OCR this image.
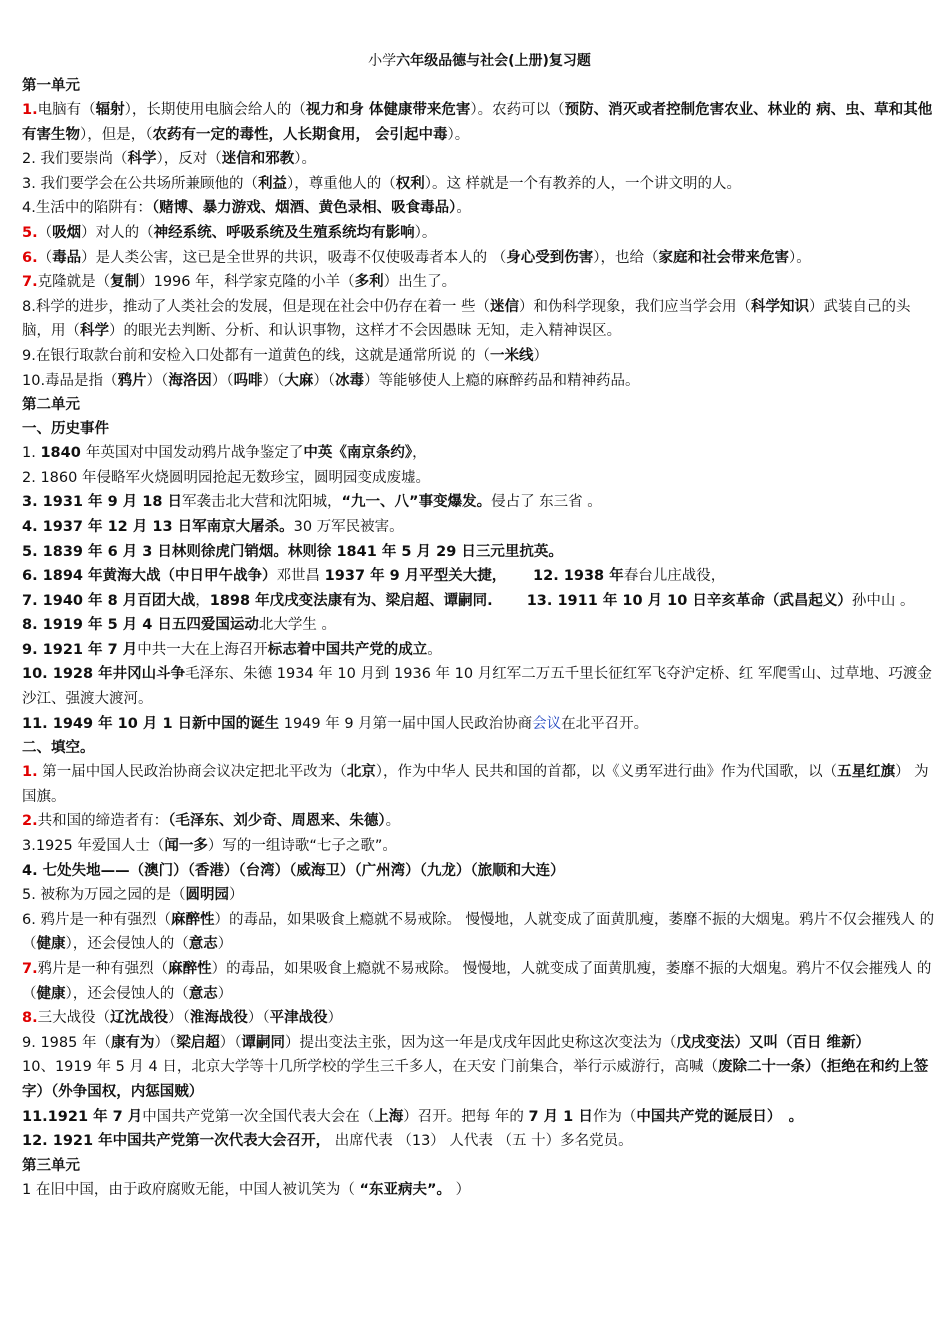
小学六年级品德与社会(上册)复习题
第一单元
1.电脑有（辐射），长期使用电脑会给人的（视力和身 体健康带来危害）。农药可以（预防、消灭或者控制危害农业、林业的 病、虫、草和其他有害生物），但是，（农药有一定的毒性，人长期食用， 会引起中毒）。
2. 我们要崇尚（科学），反对（迷信和邪教）。
3. 我们要学会在公共场所兼顾他的（利益），尊重他人的（权利）。这 样就是一个有教养的人，一个讲文明的人。
4.生活中的陷阱有：（赌博、暴力游戏、烟酒、黄色录相、吸食毒品）。
5.（吸烟）对人的（神经系统、呼吸系统及生殖系统均有影响）。
6.（毒品）是人类公害，这已是全世界的共识，吸毒不仅使吸毒者本人的 （身心受到伤害），也给（家庭和社会带来危害）。
7.克隆就是（复制）1996 年，科学家克隆的小羊（多利）出生了。
8.科学的进步，推动了人类社会的发展，但是现在社会中仍存在着一 些（迷信）和伪科学现象，我们应当学会用（科学知识）武装自己的头 脑，用（科学）的眼光去判断、分析、和认识事物，这样才不会因愚昧 无知，走入精神误区。
9.在银行取款台前和安检入口处都有一道黄色的线，这就是通常所说 的（一米线）
10.毒品是指（鸦片）（海洛因）（吗啡）（大麻）（冰毒）等能够使人上瘾的麻醉药品和精神药品。
第二单元
一、历史事件
1. 1840 年英国对中国发动鸦片战争鉴定了中英《南京条约》，
2. 1860 年侵略军火烧圆明园抢起无数珍宝，圆明园变成废墟。
3. 1931 年 9 月 18 日军袭击北大营和沈阳城，“九一、八”事变爆发。侵占了 东三省 。
4. 1937 年 12 月 13 日军南京大屠杀。30 万军民被害。
5. 1839 年 6 月 3 日林则徐虎门销烟。林则徐 1841 年 5 月 29 日三元里抗英。
6. 1894 年黄海大战（中日甲午战争）邓世昌 1937 年 9 月平型关大捷，　　 12. 1938 年春台儿庄战役，
7. 1940 年 8 月百团大战，1898 年戊戌变法康有为、梁启超、谭嗣同.　　 13. 1911 年 10 月 10 日辛亥革命（武昌起义）孙中山 。
8. 1919 年 5 月 4 日五四爱国运动北大学生 。
9. 1921 年 7 月中共一大在上海召开标志着中国共产党的成立。
10. 1928 年井冈山斗争毛泽东、朱德 1934 年 10 月到 1936 年 10 月红军二万五千里长征红军飞夺沪定桥、红 军爬雪山、过草地、巧渡金沙江、强渡大渡河。
11. 1949 年 10 月 1 日新中国的诞生 1949 年 9 月第一届中国人民政治协商会议在北平召开。
二、填空。
1. 第一届中国人民政治协商会议决定把北平改为（北京），作为中华人 民共和国的首都，以《义勇军进行曲》作为代国歌，以（五星红旗） 为国旗。
2.共和国的缔造者有：（毛泽东、刘少奇、周恩来、朱德）。
3.1925 年爱国人士（闻一多）写的一组诗歌“七子之歌”。
4. 七处失地——（澳门）（香港）（台湾）（威海卫）（广州湾）（九龙）（旅顺和大连）
5. 被称为万园之园的是（圆明园）
6. 鸦片是一种有强烈（麻醉性）的毒品，如果吸食上瘾就不易戒除。 慢慢地，人就变成了面黄肌瘦，萎靡不振的大烟鬼。鸦片不仅会摧残人 的（健康），还会侵蚀人的（意志）
7.鸦片是一种有强烈（麻醉性）的毒品，如果吸食上瘾就不易戒除。 慢慢地，人就变成了面黄肌瘦，萎靡不振的大烟鬼。鸦片不仅会摧残人 的（健康），还会侵蚀人的（意志）
8.三大战役（辽沈战役）（淮海战役）（平津战役）
9. 1985 年（康有为）（梁启超）（谭嗣同）提出变法主张，因为这一年是戊戌年因此史称这次变法为（戊戌变法）又叫（百日 维新）
10、1919 年 5 月 4 日，北京大学等十几所学校的学生三千多人，在天安 门前集合，举行示威游行，高喊（废除二十一条）（拒绝在和约上签字）（外争国权，内惩国贼）
11.1921 年 7 月中国共产党第一次全国代表大会在（上海）召开。把每 年的 7 月 1 日作为（中国共产党的诞辰日）　。
12. 1921 年中国共产党第一次代表大会召开， 出席代表 （13） 人代表 （五 十）多名党员。
第三单元
1 在旧中国，由于政府腐败无能，中国人被讥笑为（ “东亚病夫”。 ）
